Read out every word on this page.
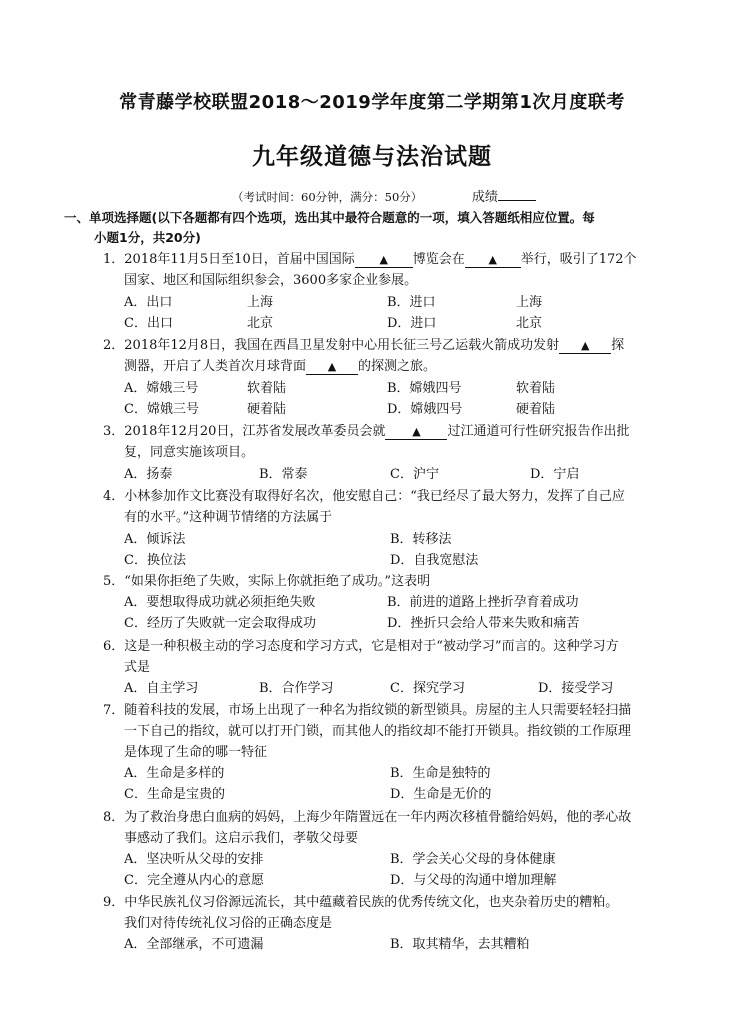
常青藤学校联盟2018～2019学年度第二学期第1次月度联考
九年级道德与法治试题
（考试时间：60分钟，满分：50分）	成绩
一、单项选择题(以下各题都有四个选项，选出其中最符合题意的一项，填入答题纸相应位置。每
小题1分，共20分)
1．2018年11月5日至10日，首届中国国际 ▲ 博览会在 ▲ 举行，吸引了172个
国家、地区和国际组织参会，3600多家企业参展。
A．出口	上海	B．进口	上海
C．出口	北京	D．进口	北京
2．2018年12月8日，我国在西昌卫星发射中心用长征三号乙运载火箭成功发射 ▲ 探
测器，开启了人类首次月球背面 ▲ 的探测之旅。
A．嫦娥三号	软着陆	B．嫦娥四号	软着陆
C．嫦娥三号	硬着陆	D．嫦娥四号	硬着陆
3．2018年12月20日，江苏省发展改革委员会就 ▲ 过江通道可行性研究报告作出批
复，同意实施该项目。
A．扬泰	B．常泰	C．沪宁	D．宁启
4．小林参加作文比赛没有取得好名次，他安慰自己：“我已经尽了最大努力，发挥了自己应
有的水平。”这种调节情绪的方法属于
A．倾诉法	B．转移法
C．换位法	D．自我宽慰法
5．“如果你拒绝了失败，实际上你就拒绝了成功。”这表明
A．要想取得成功就必须拒绝失败	B．前进的道路上挫折孕育着成功
C．经历了失败就一定会取得成功	D．挫折只会给人带来失败和痛苦
6．这是一种积极主动的学习态度和学习方式，它是相对于“被动学习”而言的。这种学习方
式是
A．自主学习	B．合作学习	C．探究学习	D．接受学习
7．随着科技的发展，市场上出现了一种名为指纹锁的新型锁具。房屋的主人只需要轻轻扫描
一下自己的指纹，就可以打开门锁，而其他人的指纹却不能打开锁具。指纹锁的工作原理
是体现了生命的哪一特征
A．生命是多样的	B．生命是独特的
C．生命是宝贵的	D．生命是无价的
8．为了救治身患白血病的妈妈，上海少年隋置远在一年内两次移植骨髓给妈妈，他的孝心故
事感动了我们。这启示我们，孝敬父母要
A．坚决听从父母的安排	B．学会关心父母的身体健康
C．完全遵从内心的意愿	D．与父母的沟通中增加理解
9．中华民族礼仪习俗源远流长，其中蕴藏着民族的优秀传统文化，也夹杂着历史的糟粕。
我们对待传统礼仪习俗的正确态度是
A．全部继承，不可遗漏	B．取其精华，去其糟粕
